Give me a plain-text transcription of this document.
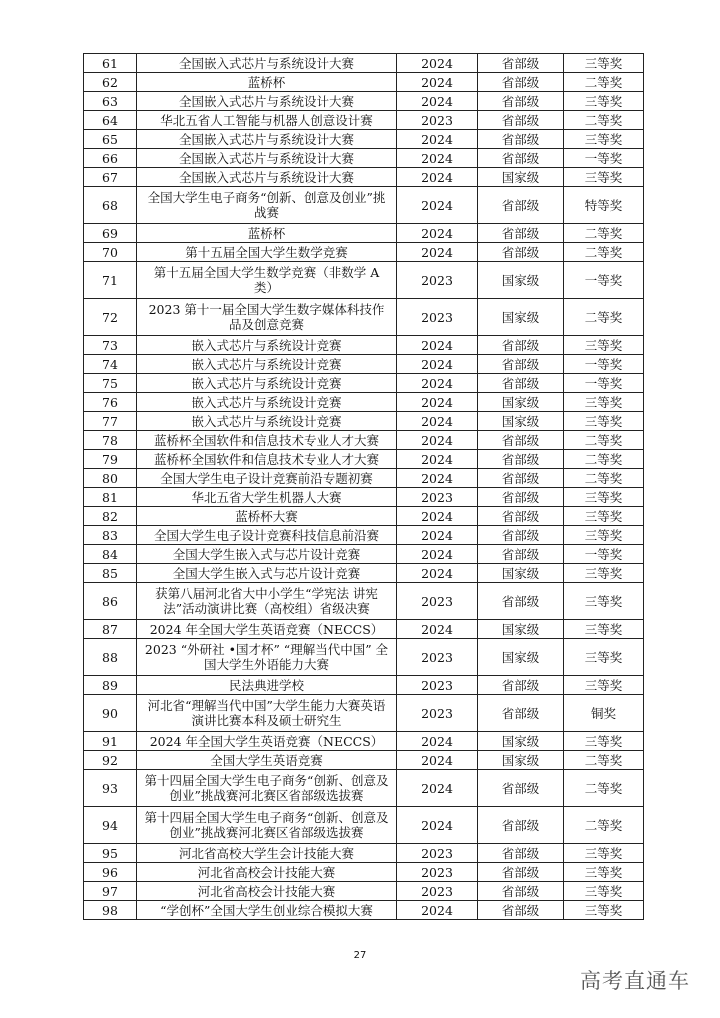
61	全国嵌入式芯片与系统设计大赛	2024	省部级	三等奖
62	蓝桥杯	2024	省部级	二等奖
63	全国嵌入式芯片与系统设计大赛	2024	省部级	三等奖
64	华北五省人工智能与机器人创意设计赛	2023	省部级	二等奖
65	全国嵌入式芯片与系统设计大赛	2024	省部级	三等奖
66	全国嵌入式芯片与系统设计大赛	2024	省部级	一等奖
67	全国嵌入式芯片与系统设计大赛	2024	国家级	三等奖
68	全国大学生电子商务“创新、创意及创业”挑战赛	2024	省部级	特等奖
69	蓝桥杯	2024	省部级	二等奖
70	第十五届全国大学生数学竞赛	2024	省部级	二等奖
71	第十五届全国大学生数学竞赛（非数学 A 类）	2023	国家级	一等奖
72	2023 第十一届全国大学生数字媒体科技作品及创意竞赛	2023	国家级	二等奖
73	嵌入式芯片与系统设计竞赛	2024	省部级	三等奖
74	嵌入式芯片与系统设计竞赛	2024	省部级	一等奖
75	嵌入式芯片与系统设计竞赛	2024	省部级	一等奖
76	嵌入式芯片与系统设计竞赛	2024	国家级	三等奖
77	嵌入式芯片与系统设计竞赛	2024	国家级	三等奖
78	蓝桥杯全国软件和信息技术专业人才大赛	2024	省部级	二等奖
79	蓝桥杯全国软件和信息技术专业人才大赛	2024	省部级	二等奖
80	全国大学生电子设计竞赛前沿专题初赛	2024	省部级	二等奖
81	华北五省大学生机器人大赛	2023	省部级	三等奖
82	蓝桥杯大赛	2024	省部级	三等奖
83	全国大学生电子设计竞赛科技信息前沿赛	2024	省部级	三等奖
84	全国大学生嵌入式与芯片设计竞赛	2024	省部级	一等奖
85	全国大学生嵌入式与芯片设计竞赛	2024	国家级	三等奖
86	获第八届河北省大中小学生“学宪法 讲宪法”活动演讲比赛（高校组）省级决赛	2023	省部级	三等奖
87	2024 年全国大学生英语竞赛（NECCS）	2024	国家级	三等奖
88	2023 “外研社 •国才杯” “理解当代中国” 全国大学生外语能力大赛	2023	国家级	三等奖
89	民法典进学校	2023	省部级	三等奖
90	河北省“理解当代中国”大学生能力大赛英语演讲比赛本科及硕士研究生	2023	省部级	铜奖
91	2024 年全国大学生英语竞赛（NECCS）	2024	国家级	三等奖
92	全国大学生英语竞赛	2024	国家级	二等奖
93	第十四届全国大学生电子商务“创新、创意及创业”挑战赛河北赛区省部级选拔赛	2024	省部级	二等奖
94	第十四届全国大学生电子商务“创新、创意及创业”挑战赛河北赛区省部级选拔赛	2024	省部级	二等奖
95	河北省高校大学生会计技能大赛	2023	省部级	三等奖
96	河北省高校会计技能大赛	2023	省部级	三等奖
97	河北省高校会计技能大赛	2023	省部级	三等奖
98	“学创杯”全国大学生创业综合模拟大赛	2024	省部级	三等奖
27
高考直通车
